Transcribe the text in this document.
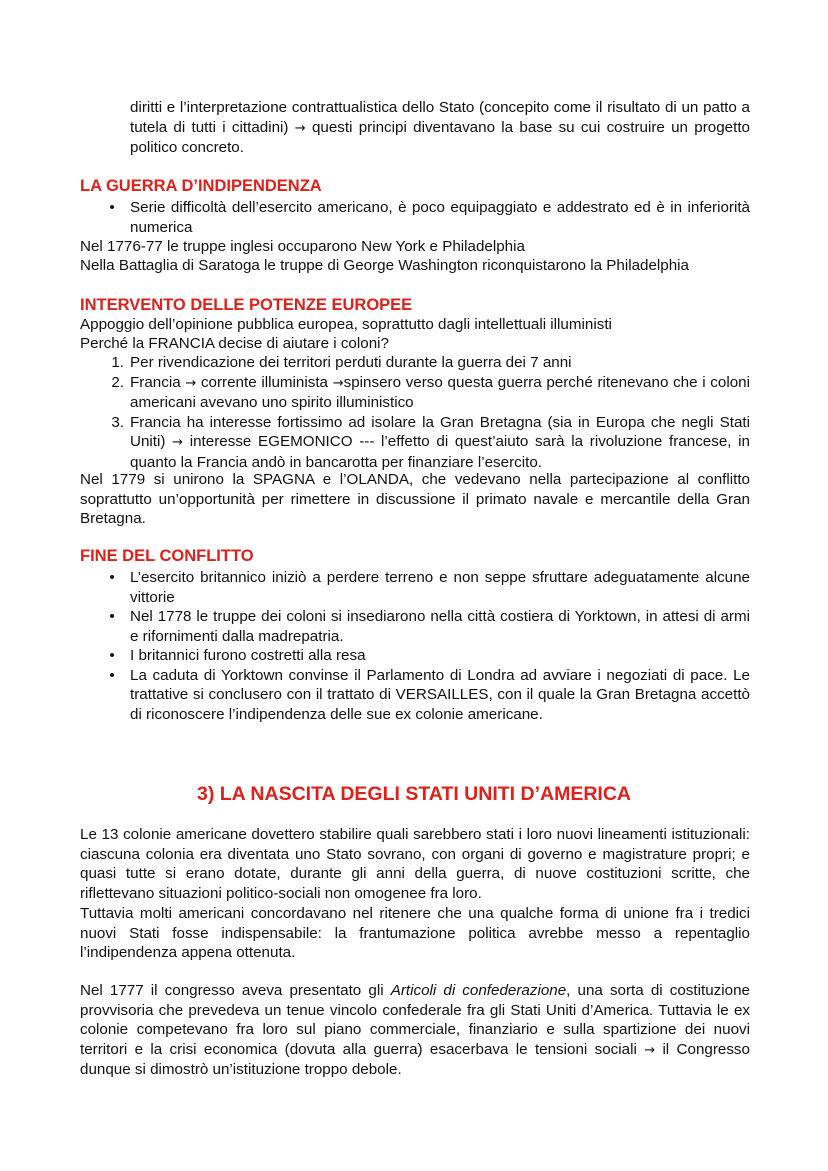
diritti e l’interpretazione contrattualistica dello Stato (concepito come il risultato di un patto a tutela di tutti i cittadini) → questi principi diventavano la base su cui costruire un progetto politico concreto.

LA GUERRA D’INDIPENDENZA
• Serie difficoltà dell’esercito americano, è poco equipaggiato e addestrato ed è in inferiorità numerica

Nel 1776-77 le truppe inglesi occuparono New York e Philadelphia

Nella Battaglia di Saratoga le truppe di George Washington riconquistarono la Philadelphia

INTERVENTO DELLE POTENZE EUROPEE

Appoggio dell’opinione pubblica europea, soprattutto dagli intellettuali illuministi

Perché la FRANCIA decise di aiutare i coloni?

1. Per rivendicazione dei territori perduti durante la guerra dei 7 anni
2. Francia → corrente illuminista →spinsero verso questa guerra perché ritenevano che i coloni americani avevano uno spirito illuministico
3. Francia ha interesse fortissimo ad isolare la Gran Bretagna (sia in Europa che negli Stati Uniti) → interesse EGEMONICO --- l’effetto di quest’aiuto sarà la rivoluzione francese, in quanto la Francia andò in bancarotta per finanziare l’esercito.

Nel 1779 si unirono la SPAGNA e l’OLANDA, che vedevano nella partecipazione al conflitto soprattutto un’opportunità per rimettere in discussione il primato navale e mercantile della Gran Bretagna.

FINE DEL CONFLITTO
• L’esercito britannico iniziò a perdere terreno e non seppe sfruttare adeguatamente alcune vittorie
• Nel 1778 le truppe dei coloni si insediarono nella città costiera di Yorktown, in attesi di armi e rifornimenti dalla madrepatria.
• I britannici furono costretti alla resa
• La caduta di Yorktown convinse il Parlamento di Londra ad avviare i negoziati di pace. Le trattative si conclusero con il trattato di VERSAILLES, con il quale la Gran Bretagna accettò di riconoscere l’indipendenza delle sue ex colonie americane.
3) LA NASCITA DEGLI STATI UNITI D’AMERICA

Le 13 colonie americane dovettero stabilire quali sarebbero stati i loro nuovi lineamenti istituzionali: ciascuna colonia era diventata uno Stato sovrano, con organi di governo e magistrature propri; e quasi tutte si erano dotate, durante gli anni della guerra, di nuove costituzioni scritte, che riflettevano situazioni politico-sociali non omogenee fra loro.

Tuttavia molti americani concordavano nel ritenere che una qualche forma di unione fra i tredici nuovi Stati fosse indispensabile: la frantumazione politica avrebbe messo a repentaglio l’indipendenza appena ottenuta.

Nel 1777 il congresso aveva presentato gli Articoli di confederazione, una sorta di costituzione provvisoria che prevedeva un tenue vincolo confederale fra gli Stati Uniti d’America. Tuttavia le ex colonie competevano fra loro sul piano commerciale, finanziario e sulla spartizione dei nuovi territori e la crisi economica (dovuta alla guerra) esacerbava le tensioni sociali → il Congresso dunque si dimostrò un’istituzione troppo debole.
